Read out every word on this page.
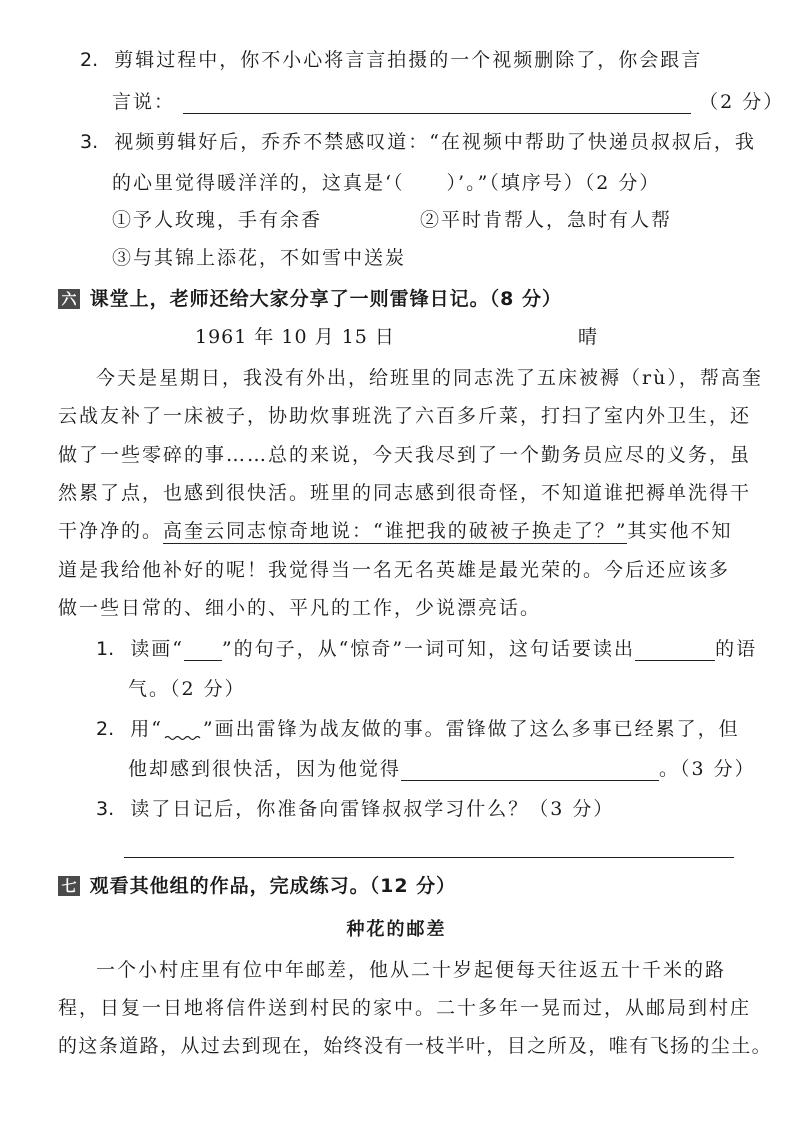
2. 剪辑过程中，你不小心将言言拍摄的一个视频删除了，你会跟言
言说：	（2 分）
3. 视频剪辑好后，乔乔不禁感叹道：“在视频中帮助了快递员叔叔后，我
的心里觉得暖洋洋的，这真是‘（　　）’。”（填序号）（2 分）
①予人玫瑰，手有余香	②平时肯帮人，急时有人帮
③与其锦上添花，不如雪中送炭
六 课堂上，老师还给大家分享了一则雷锋日记。（8 分）
1961 年 10 月 15 日	晴
今天是星期日，我没有外出，给班里的同志洗了五床被褥（rù），帮高奎
云战友补了一床被子，协助炊事班洗了六百多斤菜，打扫了室内外卫生，还
做了一些零碎的事……总的来说，今天我尽到了一个勤务员应尽的义务，虽
然累了点，也感到很快活。班里的同志感到很奇怪，不知道谁把褥单洗得干
干净净的。高奎云同志惊奇地说：“谁把我的破被子换走了？”其实他不知
道是我给他补好的呢！我觉得当一名无名英雄是最光荣的。今后还应该多
做一些日常的、细小的、平凡的工作，少说漂亮话。
1. 读画“ ”的句子，从“惊奇”一词可知，这句话要读出	的语
气。（2 分）
2. 用“ ”画出雷锋为战友做的事。雷锋做了这么多事已经累了，但
他却感到很快活，因为他觉得	。（3 分）
3. 读了日记后，你准备向雷锋叔叔学习什么？（3 分）
七 观看其他组的作品，完成练习。（12 分）
种花的邮差
一个小村庄里有位中年邮差，他从二十岁起便每天往返五十千米的路
程，日复一日地将信件送到村民的家中。二十多年一晃而过，从邮局到村庄
的这条道路，从过去到现在，始终没有一枝半叶，目之所及，唯有飞扬的尘土。
